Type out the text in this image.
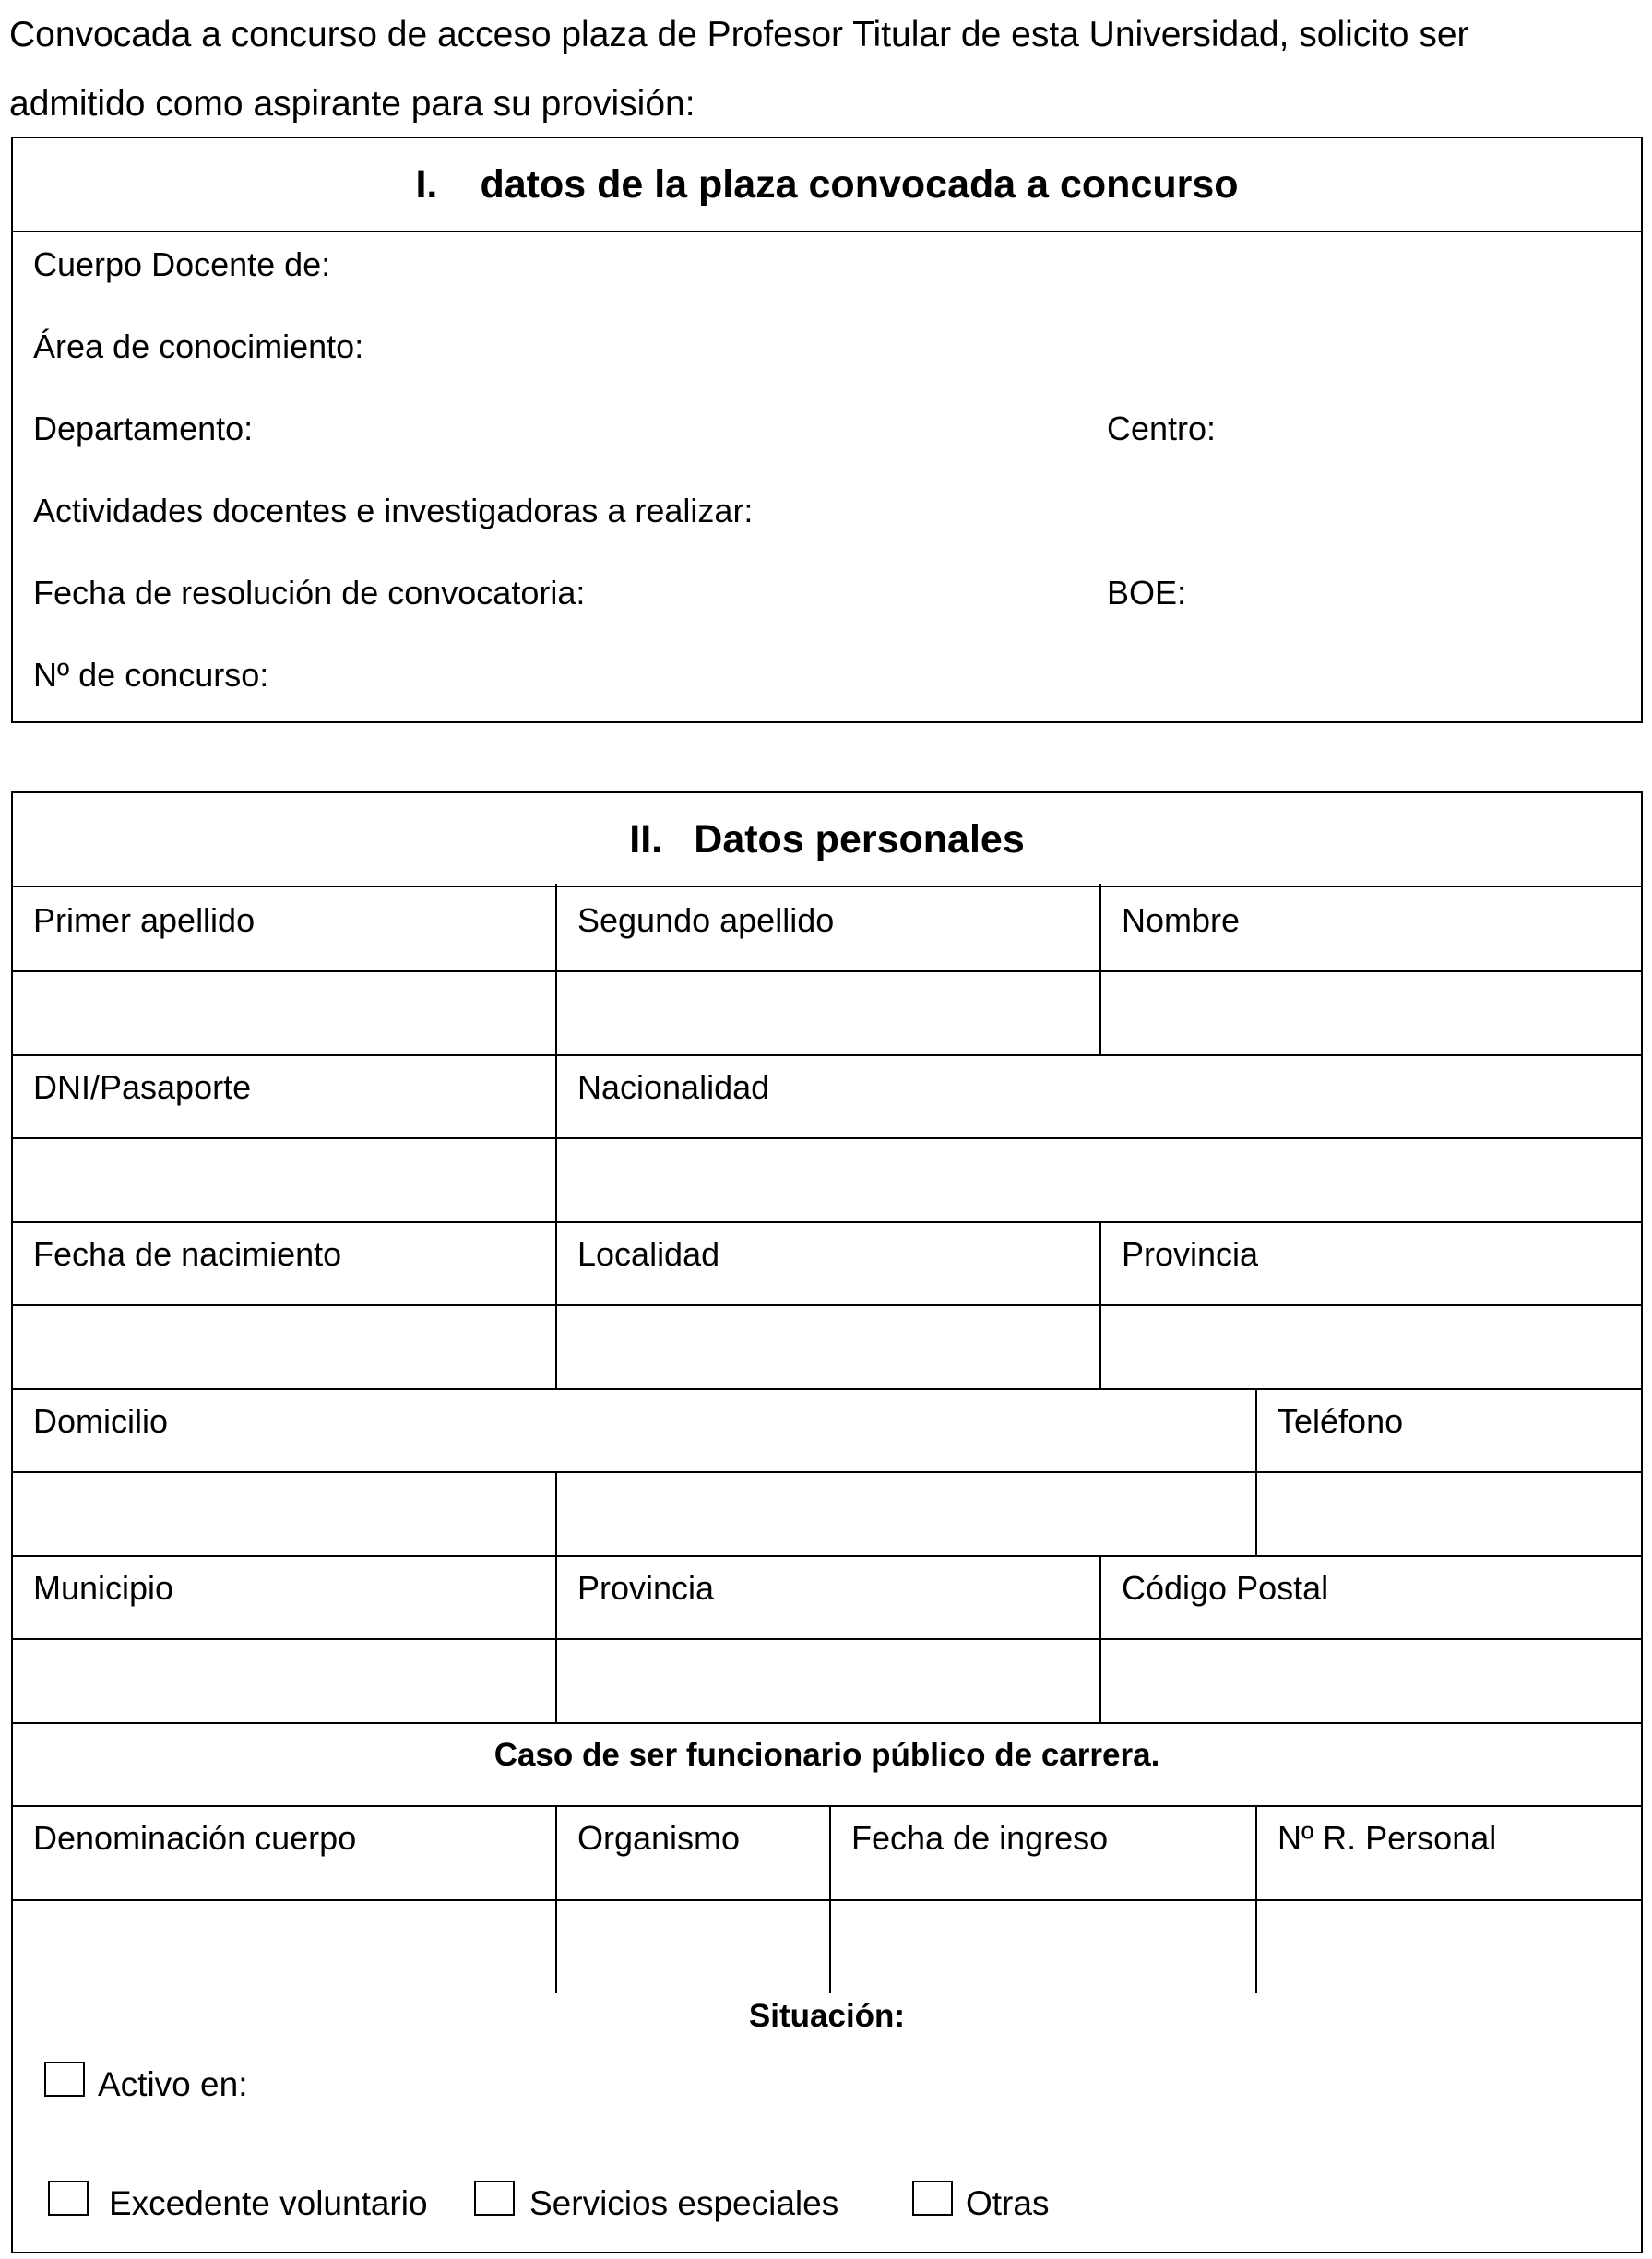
Convocada a concurso de acceso plaza de Profesor Titular de esta Universidad, solicito ser
admitido como aspirante para su provisión:
I.	datos de la plaza convocada a concurso
Cuerpo Docente de:
Área de conocimiento:
Departamento:	Centro:
Actividades docentes e investigadoras a realizar:
Fecha de resolución de convocatoria:	BOE:
Nº de concurso:
II. Datos personales
Primer apellido	Segundo apellido	Nombre
DNI/Pasaporte	Nacionalidad
Fecha de nacimiento	Localidad	Provincia
Domicilio	Teléfono
Municipio	Provincia	Código Postal
Caso de ser funcionario público de carrera.
Denominación cuerpo	Organismo	Fecha de ingreso	Nº R. Personal
Situación:
Activo en:
Excedente voluntario	Servicios especiales	Otras
